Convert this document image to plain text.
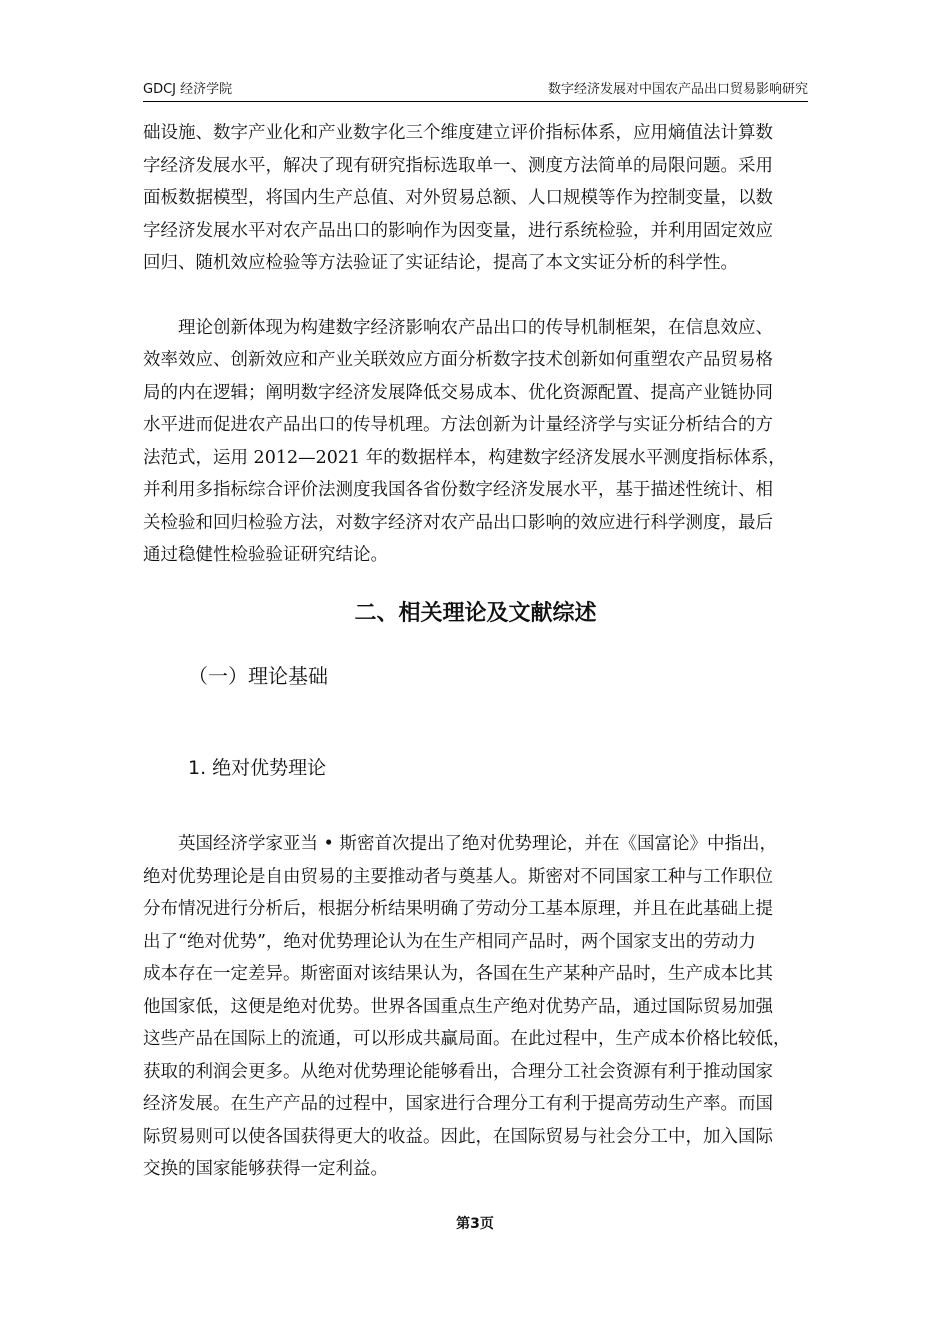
GDCJ 经济学院	数字经济发展对中国农产品出口贸易影响研究
础设施、数字产业化和产业数字化三个维度建立评价指标体系，应用熵值法计算数
字经济发展水平，解决了现有研究指标选取单一、测度方法简单的局限问题。采用
面板数据模型，将国内生产总值、对外贸易总额、人口规模等作为控制变量，以数
字经济发展水平对农产品出口的影响作为因变量，进行系统检验，并利用固定效应
回归、随机效应检验等方法验证了实证结论，提高了本文实证分析的科学性。
理论创新体现为构建数字经济影响农产品出口的传导机制框架，在信息效应、
效率效应、创新效应和产业关联效应方面分析数字技术创新如何重塑农产品贸易格
局的内在逻辑；阐明数字经济发展降低交易成本、优化资源配置、提高产业链协同
水平进而促进农产品出口的传导机理。方法创新为计量经济学与实证分析结合的方
法范式，运用 2012—2021 年的数据样本，构建数字经济发展水平测度指标体系，
并利用多指标综合评价法测度我国各省份数字经济发展水平，基于描述性统计、相
关检验和回归检验方法，对数字经济对农产品出口影响的效应进行科学测度，最后
通过稳健性检验验证研究结论。
二、相关理论及文献综述
（一）理论基础
1. 绝对优势理论
英国经济学家亚当 • 斯密首次提出了绝对优势理论，并在《国富论》中指出，
绝对优势理论是自由贸易的主要推动者与奠基人。斯密对不同国家工种与工作职位
分布情况进行分析后，根据分析结果明确了劳动分工基本原理，并且在此基础上提
出了“绝对优势”，绝对优势理论认为在生产相同产品时，两个国家支出的劳动力
成本存在一定差异。斯密面对该结果认为，各国在生产某种产品时，生产成本比其
他国家低，这便是绝对优势。世界各国重点生产绝对优势产品，通过国际贸易加强
这些产品在国际上的流通，可以形成共赢局面。在此过程中，生产成本价格比较低，
获取的利润会更多。从绝对优势理论能够看出，合理分工社会资源有利于推动国家
经济发展。在生产产品的过程中，国家进行合理分工有利于提高劳动生产率。而国
际贸易则可以使各国获得更大的收益。因此，在国际贸易与社会分工中，加入国际
交换的国家能够获得一定利益。
第3页
